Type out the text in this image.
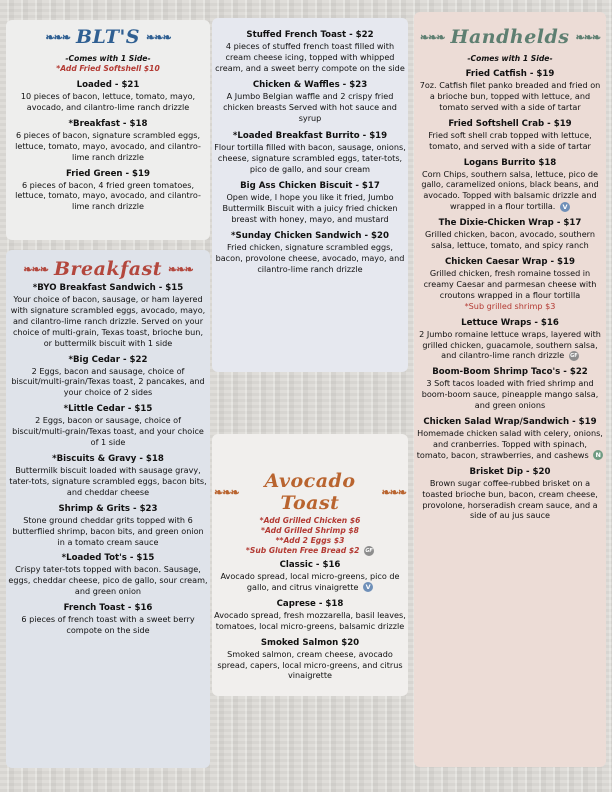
❧❧❧ BLT'S ❧❧❧

-Comes with 1 Side-

*Add Fried Softshell $10

Loaded - $21

10 pieces of bacon, lettuce, tomato, mayo, avocado, and cilantro-lime ranch drizzle

*Breakfast - $18

6 pieces of bacon, signature scrambled eggs, lettuce, tomato, mayo, avocado, and cilantro-lime ranch drizzle

Fried Green - $19

6 pieces of bacon, 4 fried green tomatoes, lettuce, tomato, mayo, avocado, and cilantro-lime ranch drizzle

❧❧❧ Breakfast ❧❧❧

*BYO Breakfast Sandwich - $15

Your choice of bacon, sausage, or ham layered with signature scrambled eggs, avocado, mayo, and cilantro-lime ranch drizzle. Served on your choice of multi-grain, Texas toast, brioche bun, or buttermilk biscuit with 1 side

*Big Cedar - $22

2 Eggs, bacon and sausage, choice of biscuit/multi-grain/Texas toast, 2 pancakes, and your choice of 2 sides

*Little Cedar - $15

2 Eggs, bacon or sausage, choice of biscuit/multi-grain/Texas toast, and your choice of 1 side

*Biscuits & Gravy - $18

Buttermilk biscuit loaded with sausage gravy, tater-tots, signature scrambled eggs, bacon bits, and cheddar cheese

Shrimp & Grits - $23

Stone ground cheddar grits topped with 6 butterflied shrimp, bacon bits, and green onion in a tomato cream sauce

*Loaded Tot's - $15

Crispy tater-tots topped with bacon. Sausage, eggs, cheddar cheese, pico de gallo, sour cream, and green onion

French Toast - $16

6 pieces of french toast with a sweet berry compote on the side

Stuffed French Toast - $22

4 pieces of stuffed french toast filled with cream cheese icing, topped with whipped cream, and a sweet berry compote on the side

Chicken & Waffles - $23

A Jumbo Belgian waffle and 2 crispy fried chicken breasts Served with hot sauce and syrup

*Loaded Breakfast Burrito - $19

Flour tortilla filled with bacon, sausage, onions, cheese, signature scrambled eggs, tater-tots, pico de gallo, and sour cream

Big Ass Chicken Biscuit - $17

Open wide, I hope you like it fried, Jumbo Buttermilk Biscuit with a juicy fried chicken breast with honey, mayo, and mustard

*Sunday Chicken Sandwich - $20

Fried chicken, signature scrambled eggs, bacon, provolone cheese, avocado, mayo, and cilantro-lime ranch drizzle

❧❧❧	Avocado Toast	❧❧❧

*Add Grilled Chicken $6

*Add Grilled Shrimp $8

**Add 2 Eggs $3

*Sub Gluten Free Bread $2 GF

Classic - $16

Avocado spread, local micro-greens, pico de gallo, and citrus vinaigrette V

Caprese - $18

Avocado spread, fresh mozzarella, basil leaves, tomatoes, local micro-greens, balsamic drizzle

Smoked Salmon $20

Smoked salmon, cream cheese, avocado spread, capers, local micro-greens, and citrus vinaigrette

❧❧❧ Handhelds ❧❧❧

-Comes with 1 Side-

Fried Catfish - $19

7oz. Catfish filet panko breaded and fried on a brioche bun, topped with lettuce, and tomato served with a side of tartar

Fried Softshell Crab - $19

Fried soft shell crab topped with lettuce, tomato, and served with a side of tartar

Logans Burrito $18

Corn Chips, southern salsa, lettuce, pico de gallo, caramelized onions, black beans, and avocado. Topped with balsamic drizzle and wrapped in a flour tortilla. V

The Dixie-Chicken Wrap - $17

Grilled chicken, bacon, avocado, southern salsa, lettuce, tomato, and spicy ranch

Chicken Caesar Wrap - $19

Grilled chicken, fresh romaine tossed in creamy Caesar and parmesan cheese with croutons wrapped in a flour tortilla

*Sub grilled shrimp $3

Lettuce Wraps - $16

2 Jumbo romaine lettuce wraps, layered with grilled chicken, guacamole, southern salsa, and cilantro-lime ranch drizzle GF

Boom-Boom Shrimp Taco's - $22

3 Soft tacos loaded with fried shrimp and boom-boom sauce, pineapple mango salsa, and green onions

Chicken Salad Wrap/Sandwich - $19

Homemade chicken salad with celery, onions, and cranberries. Topped with spinach, tomato, bacon, strawberries, and cashews N

Brisket Dip - $20

Brown sugar coffee-rubbed brisket on a toasted brioche bun, bacon, cream cheese, provolone, horseradish cream sauce, and a side of au jus sauce
